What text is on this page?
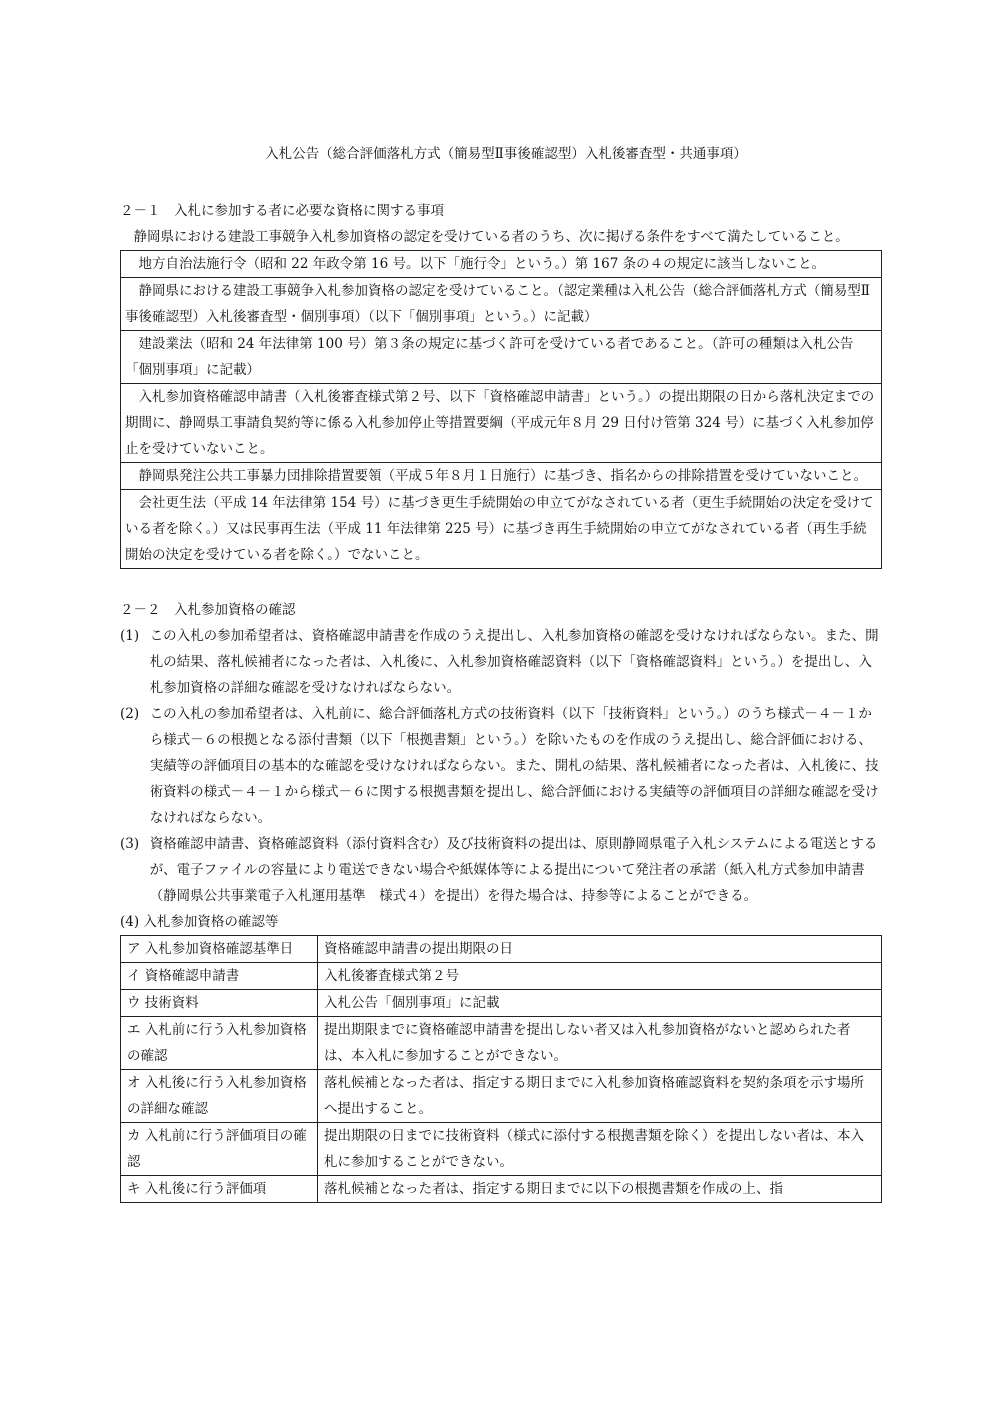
入札公告（総合評価落札方式（簡易型Ⅱ事後確認型）入札後審査型・共通事項）

２－１　入札に参加する者に必要な資格に関する事項

静岡県における建設工事競争入札参加資格の認定を受けている者のうち、次に掲げる条件をすべて満たしていること。

地方自治法施行令（昭和 22 年政令第 16 号。以下「施行令」という。）第 167 条の４の規定に該当しないこと。
静岡県における建設工事競争入札参加資格の認定を受けていること。（認定業種は入札公告（総合評価落札方式（簡易型Ⅱ事後確認型）入札後審査型・個別事項）（以下「個別事項」という。）に記載）
建設業法（昭和 24 年法律第 100 号）第３条の規定に基づく許可を受けている者であること。（許可の種類は入札公告「個別事項」に記載）
入札参加資格確認申請書（入札後審査様式第２号、以下「資格確認申請書」という。）の提出期限の日から落札決定までの期間に、静岡県工事請負契約等に係る入札参加停止等措置要綱（平成元年８月 29 日付け管第 324 号）に基づく入札参加停止を受けていないこと。
静岡県発注公共工事暴力団排除措置要領（平成５年８月１日施行）に基づき、指名からの排除措置を受けていないこと。
会社更生法（平成 14 年法律第 154 号）に基づき更生手続開始の申立てがなされている者（更生手続開始の決定を受けている者を除く。）又は民事再生法（平成 11 年法律第 225 号）に基づき再生手続開始の申立てがなされている者（再生手続開始の決定を受けている者を除く。）でないこと。
２－２　入札参加資格の確認
(1) この入札の参加希望者は、資格確認申請書を作成のうえ提出し、入札参加資格の確認を受けなければならない。また、開札の結果、落札候補者になった者は、入札後に、入札参加資格確認資料（以下「資格確認資料」という。）を提出し、入札参加資格の詳細な確認を受けなければならない。
(2) この入札の参加希望者は、入札前に、総合評価落札方式の技術資料（以下「技術資料」という。）のうち様式－４－１から様式－６の根拠となる添付書類（以下「根拠書類」という。）を除いたものを作成のうえ提出し、総合評価における、実績等の評価項目の基本的な確認を受けなければならない。また、開札の結果、落札候補者になった者は、入札後に、技術資料の様式－４－１から様式－６に関する根拠書類を提出し、総合評価における実績等の評価項目の詳細な確認を受けなければならない。
(3) 資格確認申請書、資格確認資料（添付資料含む）及び技術資料の提出は、原則静岡県電子入札システムによる電送とするが、電子ファイルの容量により電送できない場合や紙媒体等による提出について発注者の承諾（紙入札方式参加申請書（静岡県公共事業電子入札運用基準　様式４）を提出）を得た場合は、持参等によることができる。
(4) 入札参加資格の確認等
ア 入札参加資格確認基準日	資格確認申請書の提出期限の日
イ 資格確認申請書	入札後審査様式第２号
ウ 技術資料	入札公告「個別事項」に記載
エ 入札前に行う入札参加資格の確認	提出期限までに資格確認申請書を提出しない者又は入札参加資格がないと認められた者は、本入札に参加することができない。
オ 入札後に行う入札参加資格の詳細な確認	落札候補となった者は、指定する期日までに入札参加資格確認資料を契約条項を示す場所へ提出すること。
カ 入札前に行う評価項目の確認	提出期限の日までに技術資料（様式に添付する根拠書類を除く）を提出しない者は、本入札に参加することができない。
キ 入札後に行う評価項	落札候補となった者は、指定する期日までに以下の根拠書類を作成の上、指
